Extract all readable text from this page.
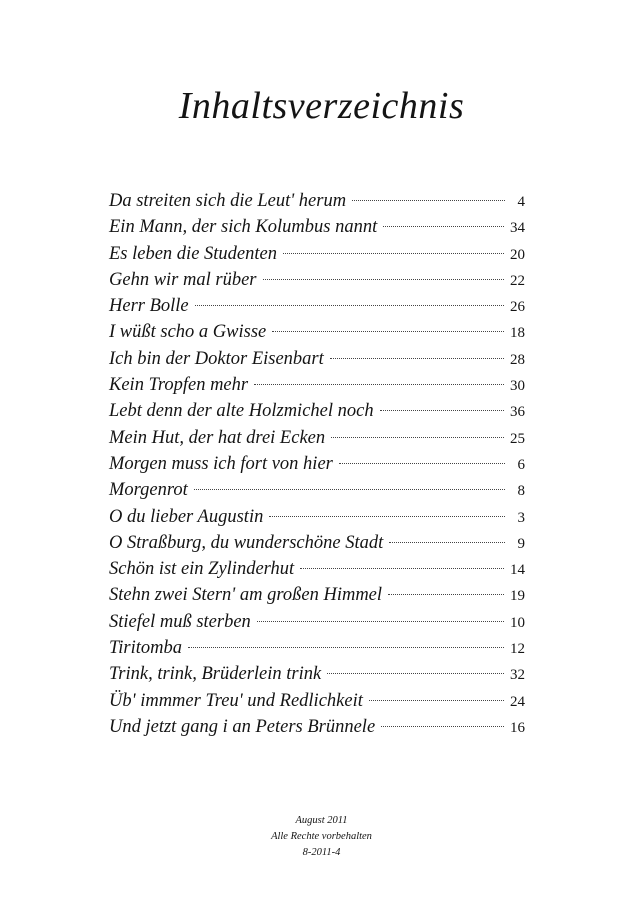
Inhaltsverzeichnis
Da streiten sich die Leut' herum	4
Ein Mann, der sich Kolumbus nannt	34
Es leben die Studenten	20
Gehn wir mal rüber	22
Herr Bolle	26
I wüßt scho a Gwisse	18
Ich bin der Doktor Eisenbart	28
Kein Tropfen mehr	30
Lebt denn der alte Holzmichel noch	36
Mein Hut, der hat drei Ecken	25
Morgen muss ich fort von hier	6
Morgenrot	8
O du lieber Augustin	3
O Straßburg, du wunderschöne Stadt	9
Schön ist ein Zylinderhut	14
Stehn zwei Stern' am großen Himmel	19
Stiefel muß sterben	10
Tiritomba	12
Trink, trink, Brüderlein trink	32
Üb' immmer Treu' und Redlichkeit	24
Und jetzt gang i an Peters Brünnele	16
August 2011
Alle Rechte vorbehalten
8-2011-4
